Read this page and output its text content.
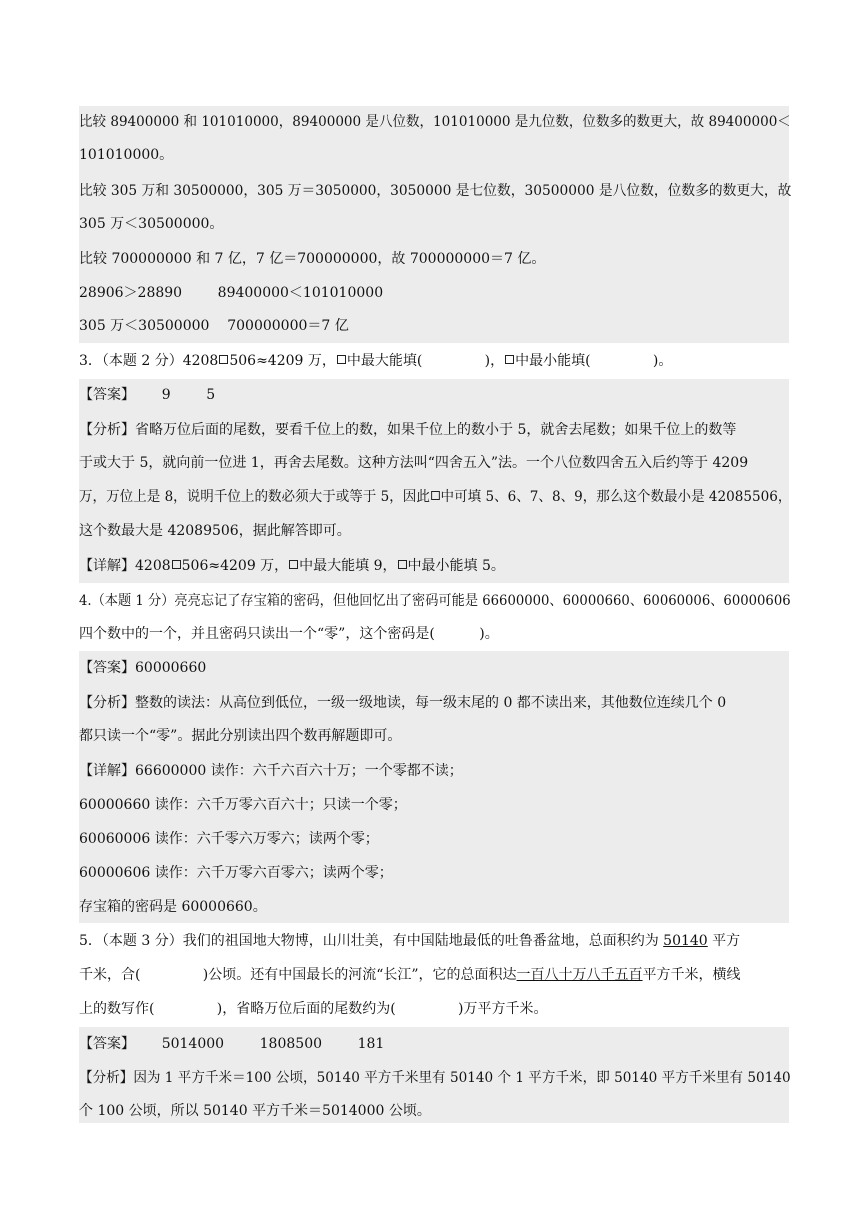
比较 89400000 和 101010000，89400000 是八位数，101010000 是九位数，位数多的数更大，故 89400000＜
101010000。
比较 305 万和 30500000，305 万＝3050000，3050000 是七位数，30500000 是八位数，位数多的数更大，故
305 万＜30500000。
比较 700000000 和 7 亿，7 亿＝700000000，故 700000000＝7 亿。
28906＞28890        89400000＜101010000
305 万＜30500000    700000000＝7 亿
3．（本题 2 分）4208 506≈4209 万， 中最大能填(              )， 中最小能填(              )。
【答案】      9        5
【分析】省略万位后面的尾数，要看千位上的数，如果千位上的数小于 5，就舍去尾数；如果千位上的数等
于或大于 5，就向前一位进 1，再舍去尾数。这种方法叫“四舍五入”法。一个八位数四舍五入后约等于 4209
万，万位上是 8，说明千位上的数必须大于或等于 5，因此 中可填 5、6、7、8、9，那么这个数最小是 42085506，
这个数最大是 42089506，据此解答即可。
【详解】4208 506≈4209 万， 中最大能填 9， 中最小能填 5。
4.（本题 1 分）亮亮忘记了存宝箱的密码，但他回忆出了密码可能是 66600000、60000660、60060006、60000606
四个数中的一个，并且密码只读出一个“零”，这个密码是(          )。
【答案】60000660
【分析】整数的读法：从高位到低位，一级一级地读，每一级末尾的 0 都不读出来，其他数位连续几个 0
都只读一个“零”。据此分别读出四个数再解题即可。
【详解】66600000 读作：六千六百六十万；一个零都不读；
60000660 读作：六千万零六百六十；只读一个零；
60060006 读作：六千零六万零六；读两个零；
60000606 读作：六千万零六百零六；读两个零；
存宝箱的密码是 60000660。
5．（本题 3 分）我们的祖国地大物博，山川壮美，有中国陆地最低的吐鲁番盆地，总面积约为 50140 平方
千米，合(              )公顷。还有中国最长的河流“长江”，它的总面积达一百八十万八千五百平方千米，横线
上的数写作(              )，省略万位后面的尾数约为(              )万平方千米。
【答案】      5014000        1808500        181
【分析】因为 1 平方千米＝100 公顷，50140 平方千米里有 50140 个 1 平方千米，即 50140 平方千米里有 50140
个 100 公顷，所以 50140 平方千米＝5014000 公顷。
